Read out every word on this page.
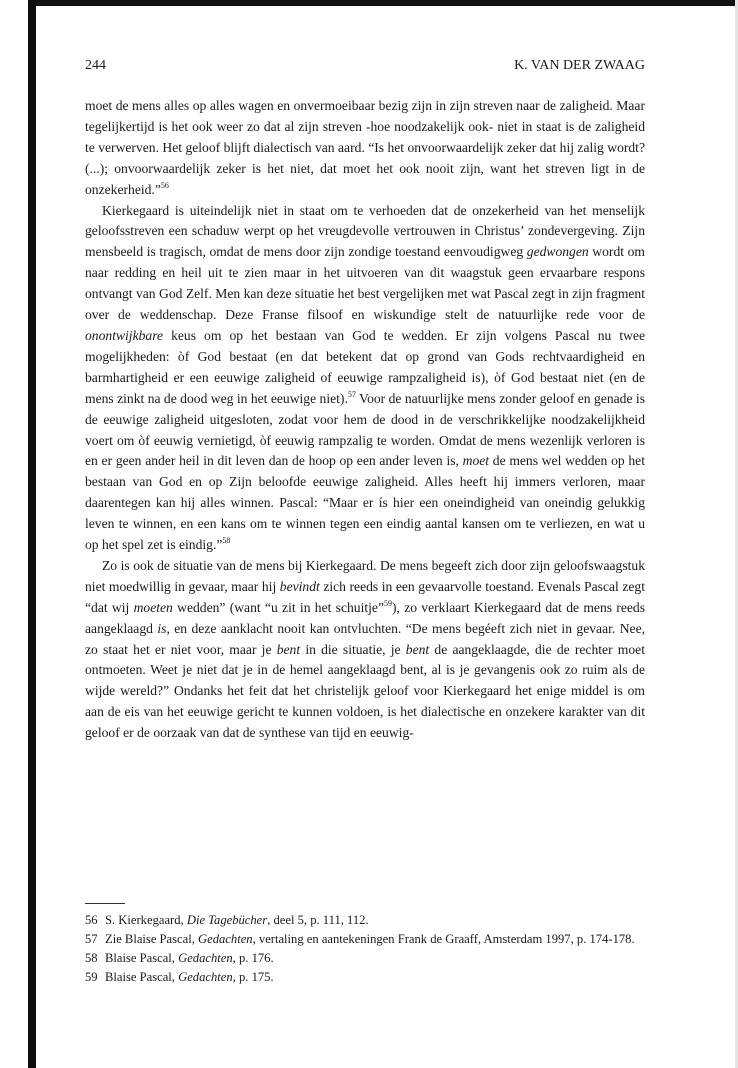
244	K. VAN DER ZWAAG

moet de mens alles op alles wagen en onvermoeibaar bezig zijn in zijn streven naar de zaligheid. Maar tegelijkertijd is het ook weer zo dat al zijn streven -hoe noodzakelijk ook- niet in staat is de zaligheid te verwerven. Het geloof blijft dialectisch van aard. “Is het onvoorwaardelijk zeker dat hij zalig wordt? (...); onvoorwaardelijk zeker is het niet, dat moet het ook nooit zijn, want het streven ligt in de onzekerheid.”$^{56}$

Kierkegaard is uiteindelijk niet in staat om te verhoeden dat de onzekerheid van het menselijk geloofsstreven een schaduw werpt op het vreugdevolle vertrouwen in Christus’ zondevergeving. Zijn mensbeeld is tragisch, omdat de mens door zijn zondige toestand eenvoudigweg gedwongen wordt om naar redding en heil uit te zien maar in het uitvoeren van dit waagstuk geen ervaarbare respons ontvangt van God Zelf. Men kan deze situatie het best vergelijken met wat Pascal zegt in zijn fragment over de weddenschap. Deze Franse filsoof en wiskundige stelt de natuurlijke rede voor de onontwijkbare keus om op het bestaan van God te wedden. Er zijn volgens Pascal nu twee mogelijkheden: òf God bestaat (en dat betekent dat op grond van Gods rechtvaardigheid en barmhartigheid er een eeuwige zaligheid of eeuwige rampzaligheid is), òf God bestaat niet (en de mens zinkt na de dood weg in het eeuwige niet).$^{57}$ Voor de natuurlijke mens zonder geloof en genade is de eeuwige zaligheid uitgesloten, zodat voor hem de dood in de verschrikkelijke noodzakelijkheid voert om òf eeuwig vernietigd, òf eeuwig rampzalig te worden. Omdat de mens wezenlijk verloren is en er geen ander heil in dit leven dan de hoop op een ander leven is, moet de mens wel wedden op het bestaan van God en op Zijn beloofde eeuwige zaligheid. Alles heeft hij immers verloren, maar daarentegen kan hij alles winnen. Pascal: “Maar er ís hier een oneindigheid van oneindig gelukkig leven te winnen, en een kans om te winnen tegen een eindig aantal kansen om te verliezen, en wat u op het spel zet is eindig.”$^{58}$

Zo is ook de situatie van de mens bij Kierkegaard. De mens begeeft zich door zijn geloofswaagstuk niet moedwillig in gevaar, maar hij bevindt zich reeds in een gevaarvolle toestand. Evenals Pascal zegt “dat wij moeten wedden” (want “u zit in het schuitje”$^{59}$), zo verklaart Kierkegaard dat de mens reeds aangeklaagd is, en deze aanklacht nooit kan ontvluchten. “De mens begéeft zich niet in gevaar. Nee, zo staat het er niet voor, maar je bent in die situatie, je bent de aangeklaagde, die de rechter moet ontmoeten. Weet je niet dat je in de hemel aangeklaagd bent, al is je gevangenis ook zo ruim als de wijde wereld?” Ondanks het feit dat het christelijk geloof voor Kierkegaard het enige middel is om aan de eis van het eeuwige gericht te kunnen voldoen, is het dialectische en onzekere karakter van dit geloof er de oorzaak van dat de synthese van tijd en eeuwig-

56 S. Kierkegaard, Die Tagebücher, deel 5, p. 111, 112.
57 Zie Blaise Pascal, Gedachten, vertaling en aantekeningen Frank de Graaff, Amsterdam 1997, p. 174-178.
58 Blaise Pascal, Gedachten, p. 176.
59 Blaise Pascal, Gedachten, p. 175.
